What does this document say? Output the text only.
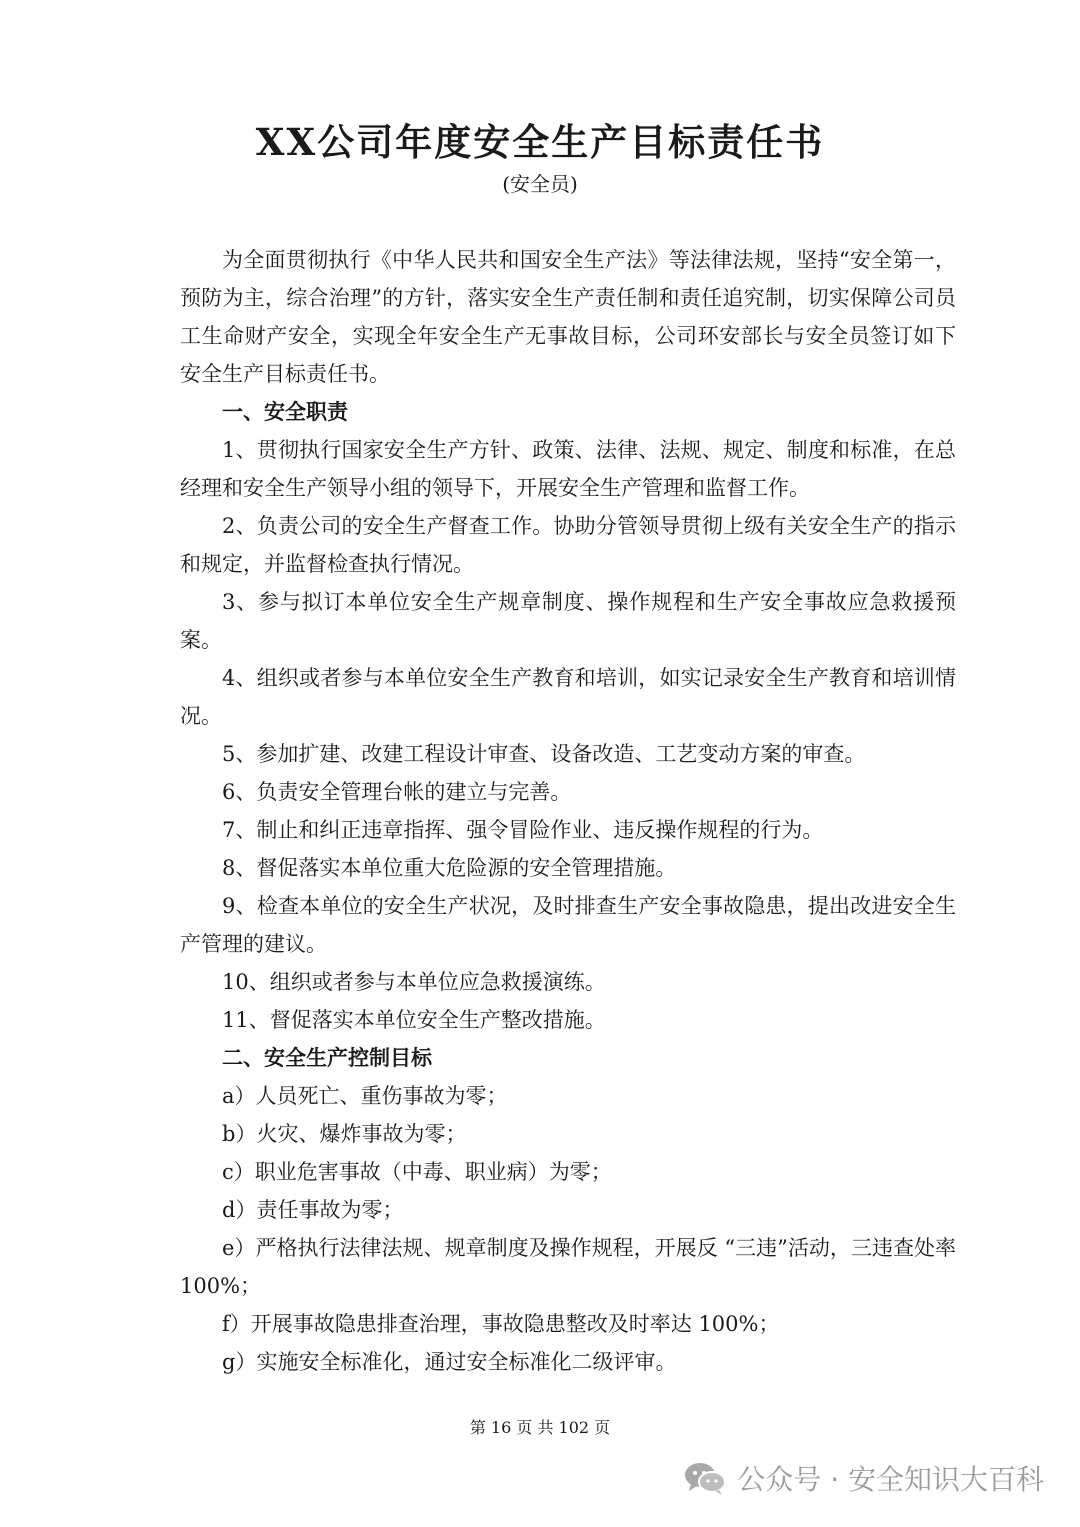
XX公司年度安全生产目标责任书
(安全员)

为全面贯彻执行《中华人民共和国安全生产法》等法律法规，坚持“安全第一，预防为主，综合治理”的方针，落实安全生产责任制和责任追究制，切实保障公司员工生命财产安全，实现全年安全生产无事故目标，公司环安部长与安全员签订如下安全生产目标责任书。

一、安全职责

1、贯彻执行国家安全生产方针、政策、法律、法规、规定、制度和标准，在总经理和安全生产领导小组的领导下，开展安全生产管理和监督工作。

2、负责公司的安全生产督查工作。协助分管领导贯彻上级有关安全生产的指示和规定，并监督检查执行情况。

3、参与拟订本单位安全生产规章制度、操作规程和生产安全事故应急救援预案。

4、组织或者参与本单位安全生产教育和培训，如实记录安全生产教育和培训情况。

5、参加扩建、改建工程设计审查、设备改造、工艺变动方案的审查。

6、负责安全管理台帐的建立与完善。

7、制止和纠正违章指挥、强令冒险作业、违反操作规程的行为。

8、督促落实本单位重大危险源的安全管理措施。

9、检查本单位的安全生产状况，及时排查生产安全事故隐患，提出改进安全生产管理的建议。

10、组织或者参与本单位应急救援演练。

11、督促落实本单位安全生产整改措施。

二、安全生产控制目标

a）人员死亡、重伤事故为零；

b）火灾、爆炸事故为零；

c）职业危害事故（中毒、职业病）为零；

d）责任事故为零；

e）严格执行法律法规、规章制度及操作规程，开展反 “三违”活动，三违查处率 100%；

f）开展事故隐患排查治理，事故隐患整改及时率达 100%；

g）实施安全标准化，通过安全标准化二级评审。

第 16 页 共 102 页
公众号 · 安全知识大百科
